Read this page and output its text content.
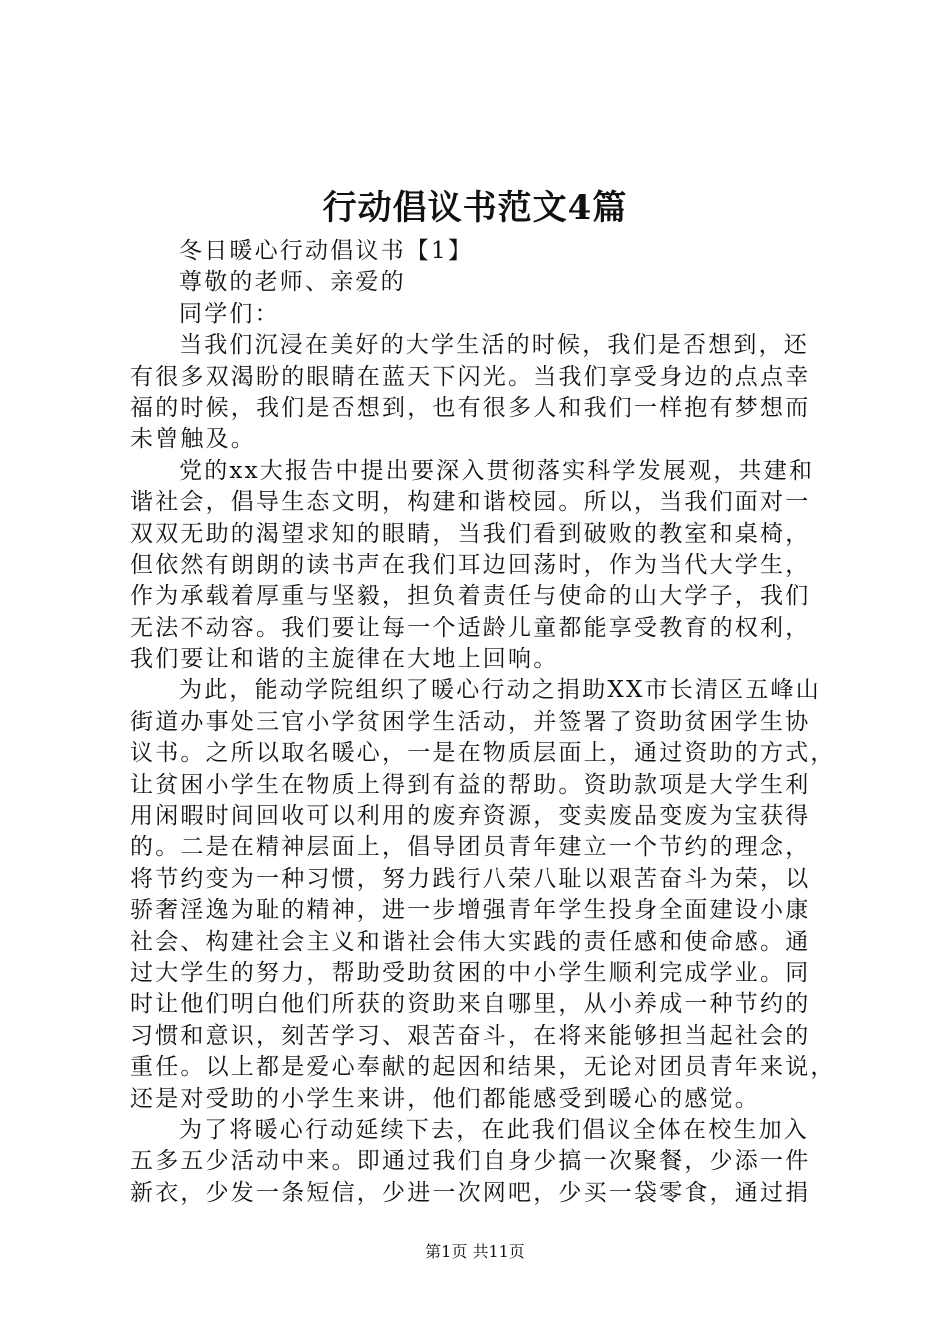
行动倡议书范文4篇
冬日暖心行动倡议书【1】
尊敬的老师、亲爱的
同学们：
当我们沉浸在美好的大学生活的时候，我们是否想到，还
有很多双渴盼的眼睛在蓝天下闪光。当我们享受身边的点点幸
福的时候，我们是否想到，也有很多人和我们一样抱有梦想而
未曾触及。
党的xx大报告中提出要深入贯彻落实科学发展观，共建和
谐社会，倡导生态文明，构建和谐校园。所以，当我们面对一
双双无助的渴望求知的眼睛，当我们看到破败的教室和桌椅，
但依然有朗朗的读书声在我们耳边回荡时，作为当代大学生，
作为承载着厚重与坚毅，担负着责任与使命的山大学子，我们
无法不动容。我们要让每一个适龄儿童都能享受教育的权利，
我们要让和谐的主旋律在大地上回响。
为此，能动学院组织了暖心行动之捐助XX市长清区五峰山
街道办事处三官小学贫困学生活动，并签署了资助贫困学生协
议书。之所以取名暖心，一是在物质层面上，通过资助的方式，
让贫困小学生在物质上得到有益的帮助。资助款项是大学生利
用闲暇时间回收可以利用的废弃资源，变卖废品变废为宝获得
的。二是在精神层面上，倡导团员青年建立一个节约的理念，
将节约变为一种习惯，努力践行八荣八耻以艰苦奋斗为荣，以
骄奢淫逸为耻的精神，进一步增强青年学生投身全面建设小康
社会、构建社会主义和谐社会伟大实践的责任感和使命感。通
过大学生的努力，帮助受助贫困的中小学生顺利完成学业。同
时让他们明白他们所获的资助来自哪里，从小养成一种节约的
习惯和意识，刻苦学习、艰苦奋斗，在将来能够担当起社会的
重任。以上都是爱心奉献的起因和结果，无论对团员青年来说，
还是对受助的小学生来讲，他们都能感受到暖心的感觉。
为了将暖心行动延续下去，在此我们倡议全体在校生加入
五多五少活动中来。即通过我们自身少搞一次聚餐，少添一件
新衣，少发一条短信，少进一次网吧，少买一袋零食，通过捐
第1页 共11页
